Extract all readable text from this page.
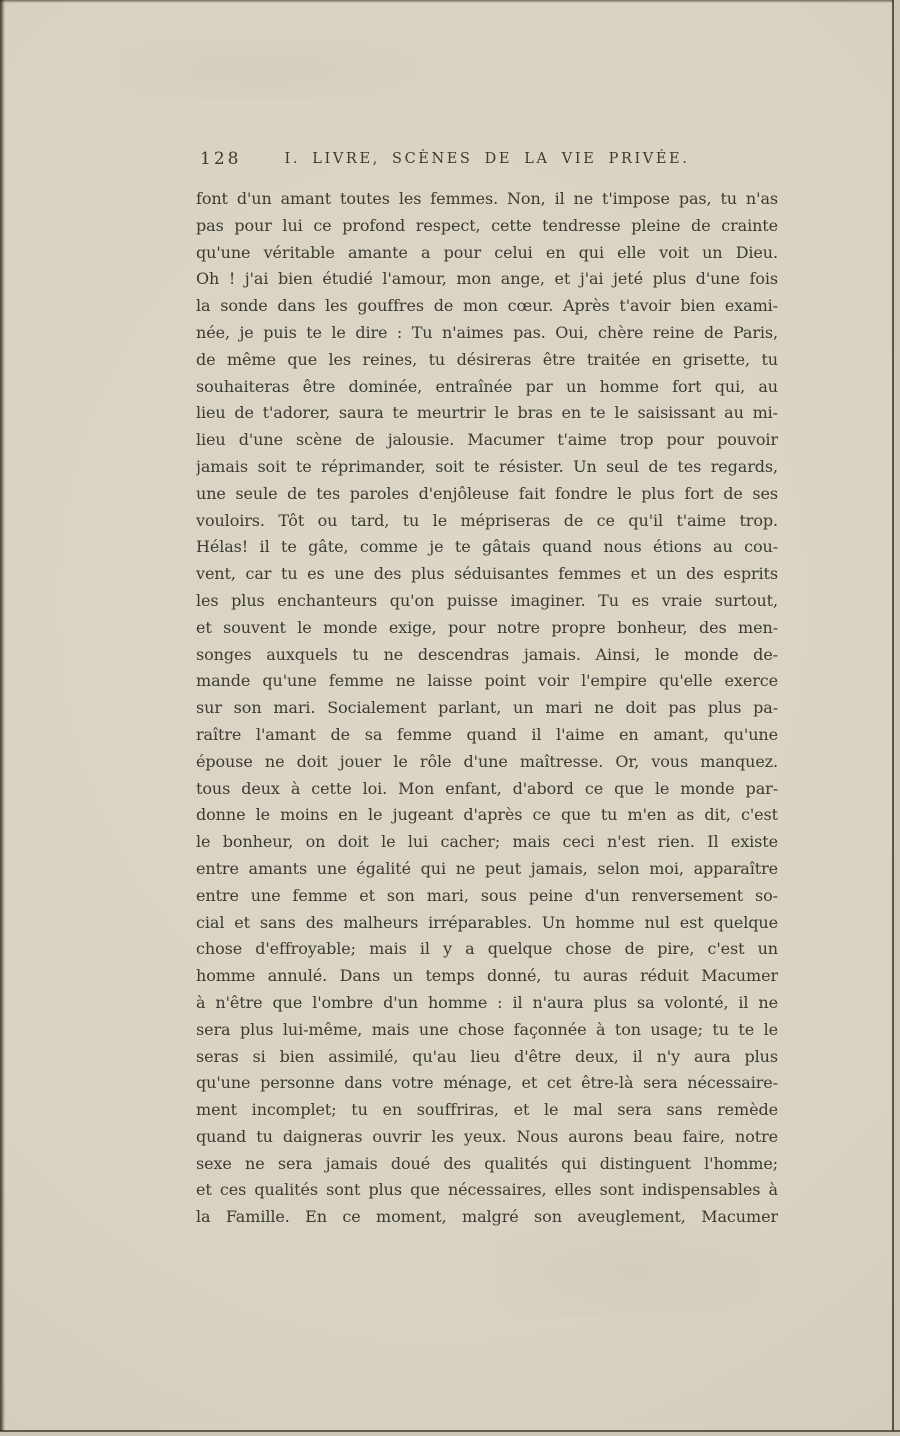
128	I. LIVRE, SCÈNES DE LA VIE PRIVÉE.
font d'un amant toutes les femmes. Non, il ne t'impose pas, tu n'as
pas pour lui ce profond respect, cette tendresse pleine de crainte
qu'une véritable amante a pour celui en qui elle voit un Dieu.
Oh ! j'ai bien étudié l'amour, mon ange, et j'ai jeté plus d'une fois
la sonde dans les gouffres de mon cœur. Après t'avoir bien exami-
née, je puis te le dire : Tu n'aimes pas. Oui, chère reine de Paris,
de même que les reines, tu désireras être traitée en grisette, tu
souhaiteras être dominée, entraînée par un homme fort qui, au
lieu de t'adorer, saura te meurtrir le bras en te le saisissant au mi-
lieu d'une scène de jalousie. Macumer t'aime trop pour pouvoir
jamais soit te réprimander, soit te résister. Un seul de tes regards,
une seule de tes paroles d'enjôleuse fait fondre le plus fort de ses
vouloirs. Tôt ou tard, tu le mépriseras de ce qu'il t'aime trop.
Hélas! il te gâte, comme je te gâtais quand nous étions au cou-
vent, car tu es une des plus séduisantes femmes et un des esprits
les plus enchanteurs qu'on puisse imaginer. Tu es vraie surtout,
et souvent le monde exige, pour notre propre bonheur, des men-
songes auxquels tu ne descendras jamais. Ainsi, le monde de-
mande qu'une femme ne laisse point voir l'empire qu'elle exerce
sur son mari. Socialement parlant, un mari ne doit pas plus pa-
raître l'amant de sa femme quand il l'aime en amant, qu'une
épouse ne doit jouer le rôle d'une maîtresse. Or, vous manquez.
tous deux à cette loi. Mon enfant, d'abord ce que le monde par-
donne le moins en le jugeant d'après ce que tu m'en as dit, c'est
le bonheur, on doit le lui cacher; mais ceci n'est rien. Il existe
entre amants une égalité qui ne peut jamais, selon moi, apparaître
entre une femme et son mari, sous peine d'un renversement so-
cial et sans des malheurs irréparables. Un homme nul est quelque
chose d'effroyable; mais il y a quelque chose de pire, c'est un
homme annulé. Dans un temps donné, tu auras réduit Macumer
à n'être que l'ombre d'un homme : il n'aura plus sa volonté, il ne
sera plus lui-même, mais une chose façonnée à ton usage; tu te le
seras si bien assimilé, qu'au lieu d'être deux, il n'y aura plus
qu'une personne dans votre ménage, et cet être-là sera nécessaire-
ment incomplet; tu en souffriras, et le mal sera sans remède
quand tu daigneras ouvrir les yeux. Nous aurons beau faire, notre
sexe ne sera jamais doué des qualités qui distinguent l'homme;
et ces qualités sont plus que nécessaires, elles sont indispensables à
la Famille. En ce moment, malgré son aveuglement, Macumer
